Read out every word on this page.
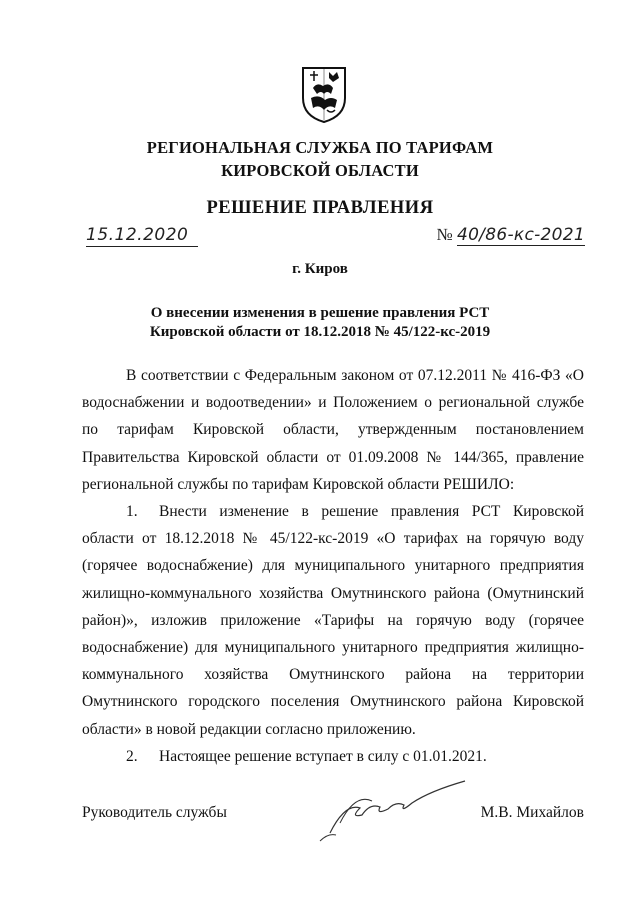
РЕГИОНАЛЬНАЯ СЛУЖБА ПО ТАРИФАМ
КИРОВСКОЙ ОБЛАСТИ
РЕШЕНИЕ ПРАВЛЕНИЯ
15.12.2020	№ 40/86-кс-2021
г. Киров
О внесении изменения в решение правления РСТ
Кировской области от 18.12.2018 № 45/122-кс-2019

В соответствии с Федеральным законом от 07.12.2011 № 416-ФЗ «О водоснабжении и водоотведении» и Положением о региональной службе по тарифам Кировской области, утвержденным постановлением Правительства Кировской области от 01.09.2008 № 144/365, правление региональной службы по тарифам Кировской области РЕШИЛО:

1. Внести изменение в решение правления РСТ Кировской области от 18.12.2018 № 45/122-кс-2019 «О тарифах на горячую воду (горячее водоснабжение) для муниципального унитарного предприятия жилищно-коммунального хозяйства Омутнинского района (Омутнинский район)», изложив приложение «Тарифы на горячую воду (горячее водоснабжение) для муниципального унитарного предприятия жилищно-коммунального хозяйства Омутнинского района на территории Омутнинского городского поселения Омутнинского района Кировской области» в новой редакции согласно приложению.

2. Настоящее решение вступает в силу с 01.01.2021.

Руководитель службы	М.В. Михайлов
